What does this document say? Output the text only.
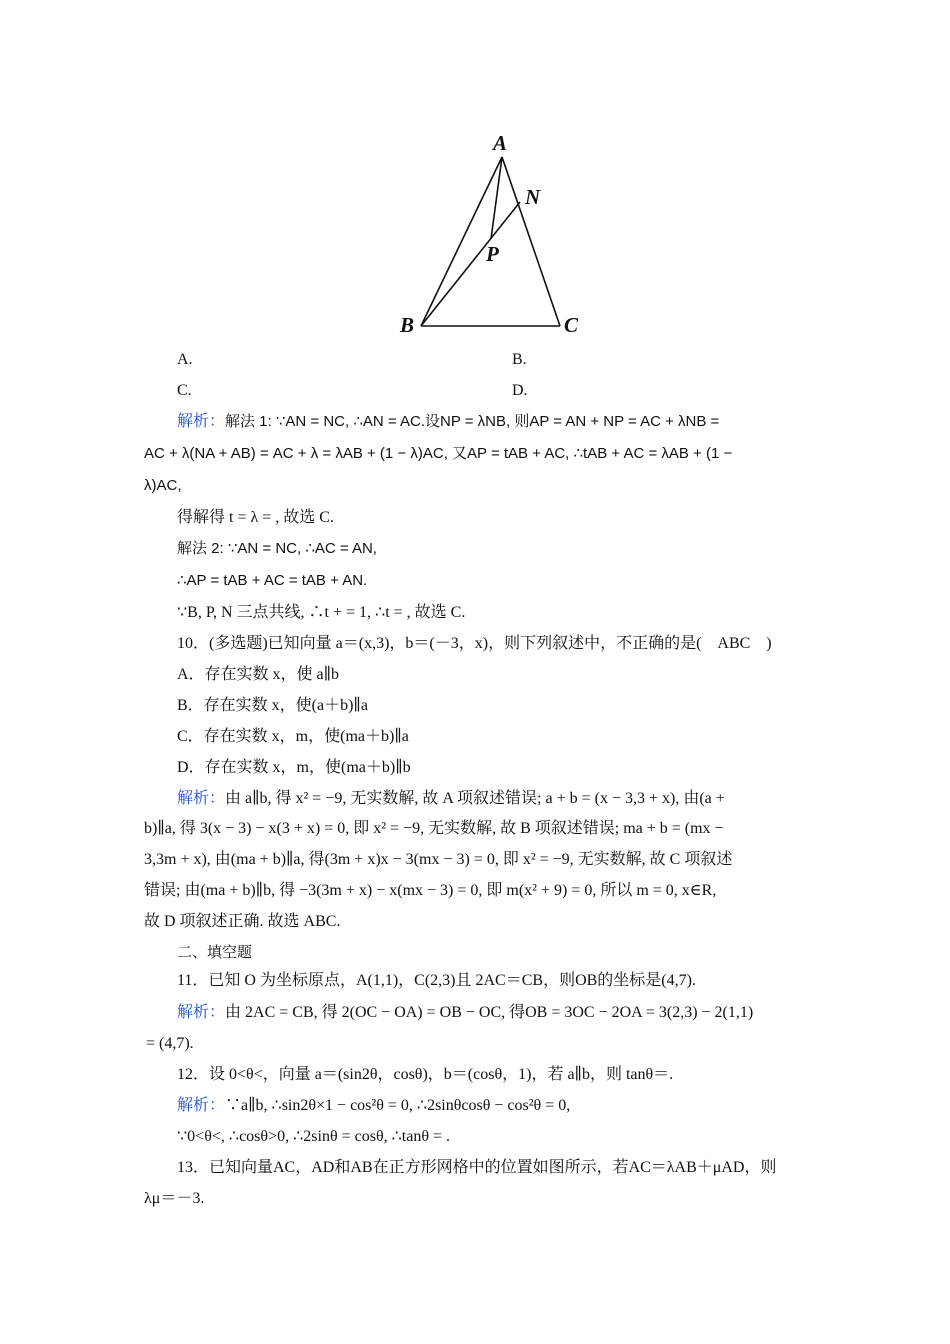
A
N
P
B	C
A.	B.
C.	D.
解析：解法 1: ∵AN = NC, ∴AN = AC.设NP = λNB, 则AP = AN + NP = AC + λNB =
AC + λ(NA + AB) = AC + λ = λAB + (1 − λ)AC, 又AP = tAB + AC, ∴tAB + AC = λAB + (1 −
λ)AC,
得解得 t = λ = , 故选 C.
解法 2: ∵AN = NC, ∴AC = AN,
∴AP = tAB + AC = tAB + AN.
∵B, P, N 三点共线, ∴t + = 1, ∴t = , 故选 C.
10．(多选题)已知向量 a＝(x,3)，b＝(－3，x)，则下列叙述中，不正确的是(　ABC　)
A．存在实数 x，使 a∥b
B．存在实数 x，使(a＋b)∥a
C．存在实数 x，m，使(ma＋b)∥a
D．存在实数 x，m，使(ma＋b)∥b
解析：由 a∥b, 得 x² = −9, 无实数解, 故 A 项叙述错误; a + b = (x − 3,3 + x), 由(a +
b)∥a, 得 3(x − 3) − x(3 + x) = 0, 即 x² = −9, 无实数解, 故 B 项叙述错误; ma + b = (mx −
3,3m + x), 由(ma + b)∥a, 得(3m + x)x − 3(mx − 3) = 0, 即 x² = −9, 无实数解, 故 C 项叙述
错误; 由(ma + b)∥b, 得 −3(3m + x) − x(mx − 3) = 0, 即 m(x² + 9) = 0, 所以 m = 0, x∈R,
故 D 项叙述正确. 故选 ABC.
二、填空题
11．已知 O 为坐标原点，A(1,1)，C(2,3)且 2AC＝CB，则OB的坐标是(4,7).
解析：由 2AC = CB, 得 2(OC − OA) = OB − OC, 得OB = 3OC − 2OA = 3(2,3) − 2(1,1)
= (4,7).
12．设 0<θ<，向量 a＝(sin2θ，cosθ)，b＝(cosθ，1)，若 a∥b，则 tanθ＝.
解析：∵a∥b, ∴sin2θ×1 − cos²θ = 0, ∴2sinθcosθ − cos²θ = 0,
∵0<θ<, ∴cosθ>0, ∴2sinθ = cosθ, ∴tanθ = .
13．已知向量AC，AD和AB在正方形网格中的位置如图所示，若AC＝λAB＋μAD，则
λμ＝－3.
